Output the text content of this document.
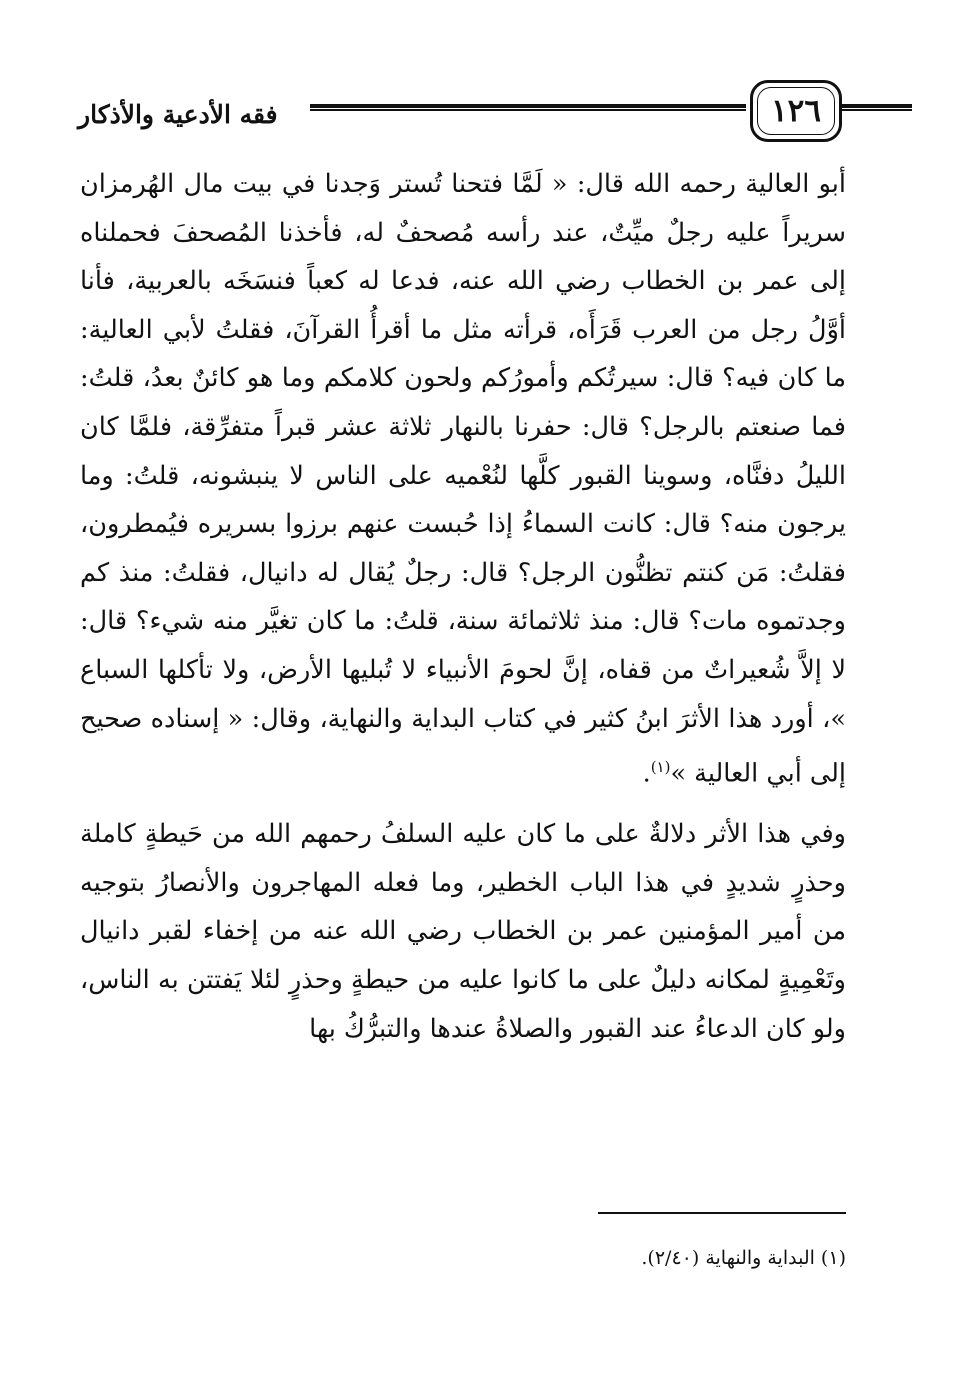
فقه الأدعية والأذكار	١٢٦

أبو العالية رحمه الله قال: « لَمَّا فتحنا تُستر وَجدنا في بيت مال الهُرمزان سريراً عليه رجلٌ ميِّتٌ، عند رأسه مُصحفٌ له، فأخذنا المُصحفَ فحملناه إلى عمر بن الخطاب رضي الله عنه، فدعا له كعباً فنسَخَه بالعربية، فأنا أوَّلُ رجل من العرب قَرَأَه، قرأته مثل ما أقرأُ القرآنَ، فقلتُ لأبي العالية: ما كان فيه؟ قال: سيرتُكم وأمورُكم ولحون كلامكم وما هو كائنٌ بعدُ، قلتُ: فما صنعتم بالرجل؟ قال: حفرنا بالنهار ثلاثة عشر قبراً متفرِّقة، فلمَّا كان الليلُ دفنَّاه، وسوينا القبور كلَّها لنُعْميه على الناس لا ينبشونه، قلتُ: وما يرجون منه؟ قال: كانت السماءُ إذا حُبست عنهم برزوا بسريره فيُمطرون، فقلتُ: مَن كنتم تظنُّون الرجل؟ قال: رجلٌ يُقال له دانيال، فقلتُ: منذ كم وجدتموه مات؟ قال: منذ ثلاثمائة سنة، قلتُ: ما كان تغيَّر منه شيء؟ قال: لا إلاَّ شُعيراتٌ من قفاه، إنَّ لحومَ الأنبياء لا تُبليها الأرض، ولا تأكلها السباع »، أورد هذا الأثرَ ابنُ كثير في كتاب البداية والنهاية، وقال: « إسناده صحيح إلى أبي العالية »$^{(١)}$.

وفي هذا الأثر دلالةٌ على ما كان عليه السلفُ رحمهم الله من حَيطةٍ كاملة وحذرٍ شديدٍ في هذا الباب الخطير، وما فعله المهاجرون والأنصارُ بتوجيه من أمير المؤمنين عمر بن الخطاب رضي الله عنه من إخفاء لقبر دانيال وتَعْمِيةٍ لمكانه دليلٌ على ما كانوا عليه من حيطةٍ وحذرٍ لئلا يَفتتن به الناس، ولو كان الدعاءُ عند القبور والصلاةُ عندها والتبرُّكُ بها

(١) البداية والنهاية (٢/٤٠).
